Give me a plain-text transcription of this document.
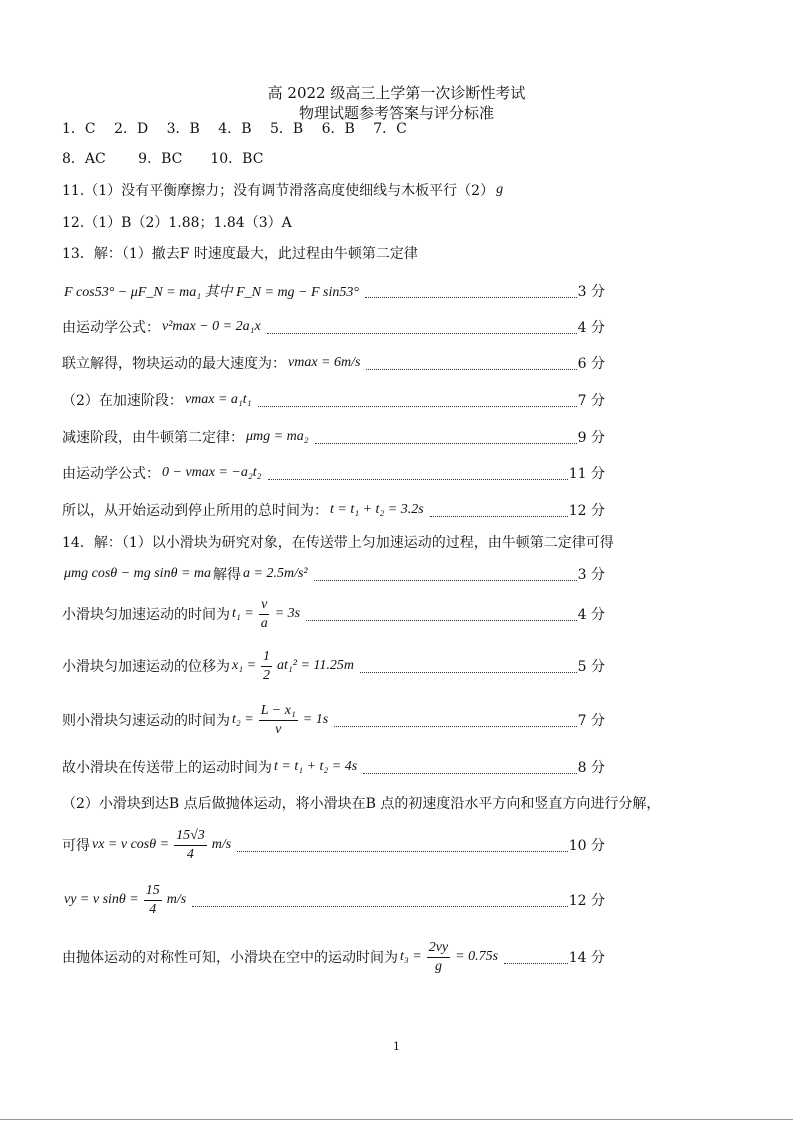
高 2022 级高三上学第一次诊断性考试
物理试题参考答案与评分标准
1．C　 2．D　 3．B　 4．B　 5．B　 6．B　 7．C
8．AC　　 9．BC　　10．BC
11.（1）没有平衡摩擦力；没有调节滑落高度使细线与木板平行（2） g
12.（1）B（2）1.88；1.84（3）A
13．解：（1）撤去F 时速度最大，此过程由牛顿第二定律
F cos53° − μF_N = ma₁ 其中 F_N = mg − F sin53°	3 分
由运动学公式： v²max − 0 = 2a₁x	4 分
联立解得，物块运动的最大速度为： vmax = 6m/s	6 分
（2）在加速阶段： vmax = a₁t₁	7 分
减速阶段，由牛顿第二定律： μmg = ma₂	9 分
由运动学公式： 0 − vmax = −a₂t₂	11 分
所以，从开始运动到停止所用的总时间为： t = t₁ + t₂ = 3.2s	12 分
14．解：（1）以小滑块为研究对象，在传送带上匀加速运动的过程，由牛顿第二定律可得
μmg cosθ − mg sinθ = ma 解得 a = 2.5m/s²	3 分
小滑块匀加速运动的时间为 $t_1 = \frac{v}{a} = 3s$	4 分
小滑块匀加速运动的位移为 $x_1 = \frac{1}{2} at_1^2 = 11.25m$	5 分
则小滑块匀速运动的时间为 $t_2 = \frac{\text{L − x₁}}{v} = 1s$	7 分
故小滑块在传送带上的运动时间为 t = t₁ + t₂ = 4s	8 分
（2）小滑块到达B 点后做抛体运动，将小滑块在B 点的初速度沿水平方向和竖直方向进行分解，
可得 vx = v $\cos\theta = \frac{15√3}{4} m/s$	10 分
vy = v $\sin\theta = \frac{15}{4} m/s$	12 分
由抛体运动的对称性可知，小滑块在空中的运动时间为 $t_3 = \frac{2vy}{g} = 0.75s$	14 分
1
